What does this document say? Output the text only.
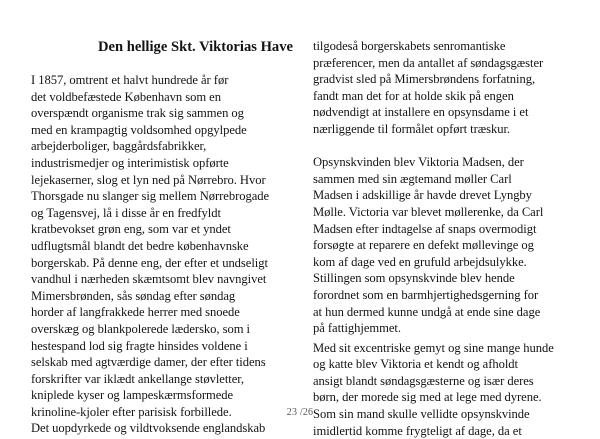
Den hellige Skt. Viktorias Have
I 1857, omtrent et halvt hundrede år før
det voldbefæstede København som en
overspændt organisme trak sig sammen og
med en krampagtig voldsomhed opgylpede
arbejderboliger, baggårdsfabrikker,
industrismedjer og interimistisk opførte
lejekaserner, slog et lyn ned på Nørrebro. Hvor
Thorsgade nu slanger sig mellem Nørrebrogade
og Tagensvej, lå i disse år en fredfyldt
kratbevokset grøn eng, som var et yndet
udflugtsmål blandt det bedre københavnske
borgerskab. På denne eng, der efter et undseligt
vandhul i nærheden skæmtsomt blev navngivet
Mimersbrønden, sås søndag efter søndag
horder af langfrakkede herrer med snoede
overskæg og blankpolerede læderskо, som i
hestespand lod sig fragte hinsides voldene i
selskab med agtværdige damer, der efter tidens
forskrifter var iklædt ankellange støvletter,
kniplede kyser og lampeskærmsformede
krinoline-kjoler efter parisisk forbillede.
Det uopdyrkede og vildtvoksende englandskab
tilgodeså borgerskabets senromantiske
præferencer, men da antallet af søndagsgæster
gradvist sled på Mimersbrøndens forfatning,
fandt man det for at holde skik på engen
nødvendigt at installere en opsynsdame i et
nærliggende til formålet opført træskur.
Opsynskvinden blev Viktoria Madsen, der
sammen med sin ægtemand møller Carl
Madsen i adskillige år havde drevet Lyngby
Mølle. Victoria var blevet møllerenke, da Carl
Madsen efter indtagelse af snaps overmodigt
forsøgte at reparere en defekt møllevinge og
kom af dage ved en grufuld arbejdsulykke.
Stillingen som opsynskvinde blev hende
forordnet som en barmhjertighedsgerning for
at hun dermed kunne undgå at ende sine dage
på fattighjemmet.
Med sit excentriske gemyt og sine mange hunde
og katte blev Viktoria et kendt og afholdt
ansigt blandt søndagsgæsterne og især deres
børn, der morede sig med at lege med dyrene.
Som sin mand skulle vellidte opsynskvinde
imidlertid komme frygteligt af dage, da et
23 /26
